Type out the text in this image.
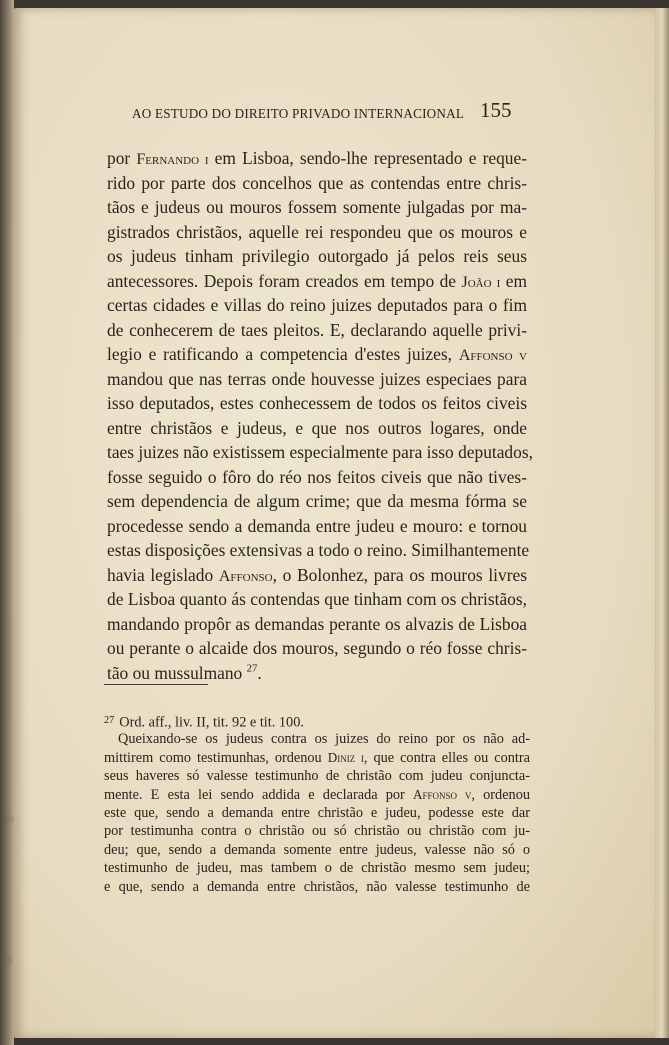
AO ESTUDO DO DIREITO PRIVADO INTERNACIONAL 155
por Fernando i em Lisboa, sendo-lhe representado e reque-
rido por parte dos concelhos que as contendas entre chris-
tãos e judeus ou mouros fossem somente julgadas por ma-
gistrados christãos, aquelle rei respondeu que os mouros e
os judeus tinham privilegio outorgado já pelos reis seus
antecessores. Depois foram creados em tempo de João i em
certas cidades e villas do reino juizes deputados para o fim
de conhecerem de taes pleitos. E, declarando aquelle privi-
legio e ratificando a competencia d'estes juizes, Affonso v
mandou que nas terras onde houvesse juizes especiaes para
isso deputados, estes conhecessem de todos os feitos civeis
entre christãos e judeus, e que nos outros logares, onde
taes juizes não existissem especialmente para isso deputados,
fosse seguido o fôro do réo nos feitos civeis que não tives-
sem dependencia de algum crime; que da mesma fórma se
procedesse sendo a demanda entre judeu e mouro: e tornou
estas disposições extensivas a todo o reino. Similhantemente
havia legislado Affonso, o Bolonhez, para os mouros livres
de Lisboa quanto ás contendas que tinham com os christãos,
mandando propôr as demandas perante os alvazis de Lisboa
ou perante o alcaide dos mouros, segundo o réo fosse chris-
tão ou mussulmano $^{27}$.
$^{27}$ Ord. aff., liv. II, tit. 92 e tit. 100.
Queixando-se os judeus contra os juizes do reino por os não ad-
mittirem como testimunhas, ordenou Diniz i, que contra elles ou contra
seus haveres só valesse testimunho de christão com judeu conjuncta-
mente. E esta lei sendo addida e declarada por Affonso v, ordenou
este que, sendo a demanda entre christão e judeu, podesse este dar
por testimunha contra o christão ou só christão ou christão com ju-
deu; que, sendo a demanda somente entre judeus, valesse não só o
testimunho de judeu, mas tambem o de christão mesmo sem judeu;
e que, sendo a demanda entre christãos, não valesse testimunho de
